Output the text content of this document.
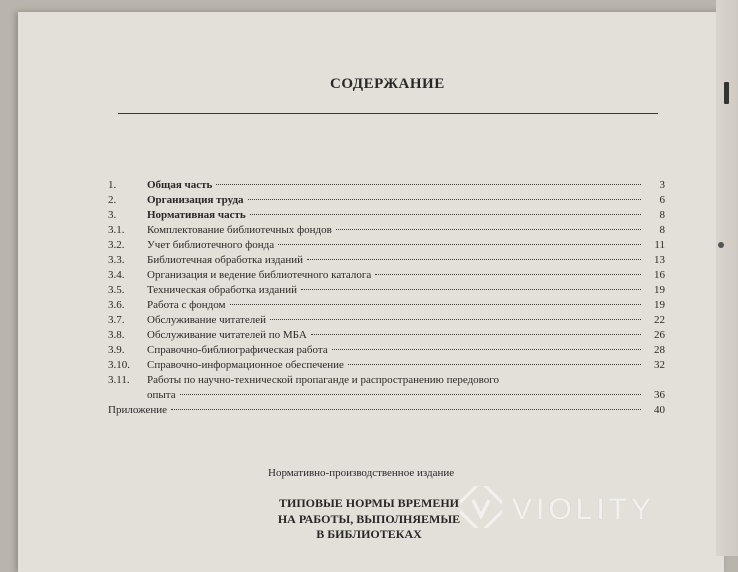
СОДЕРЖАНИЕ
1.	Общая часть	3
2.	Организация труда	6
3.	Нормативная часть	8
3.1.	Комплектование библиотечных фондов	8
3.2.	Учет библиотечного фонда	11
3.3.	Библиотечная обработка изданий	13
3.4.	Организация и ведение библиотечного каталога	16
3.5.	Техническая обработка изданий	19
3.6.	Работа с фондом	19
3.7.	Обслуживание читателей	22
3.8.	Обслуживание читателей по МБА	26
3.9.	Справочно-библиографическая работа	28
3.10.	Справочно-информационное обеспечение	32
3.11.	Работы по научно-технической пропаганде и распространению передового
опыта	36
Приложение	40
Нормативно-производственное издание
ТИПОВЫЕ НОРМЫ ВРЕМЕНИ
НА РАБОТЫ, ВЫПОЛНЯЕМЫЕ
В БИБЛИОТЕКАХ
VIOLITY
